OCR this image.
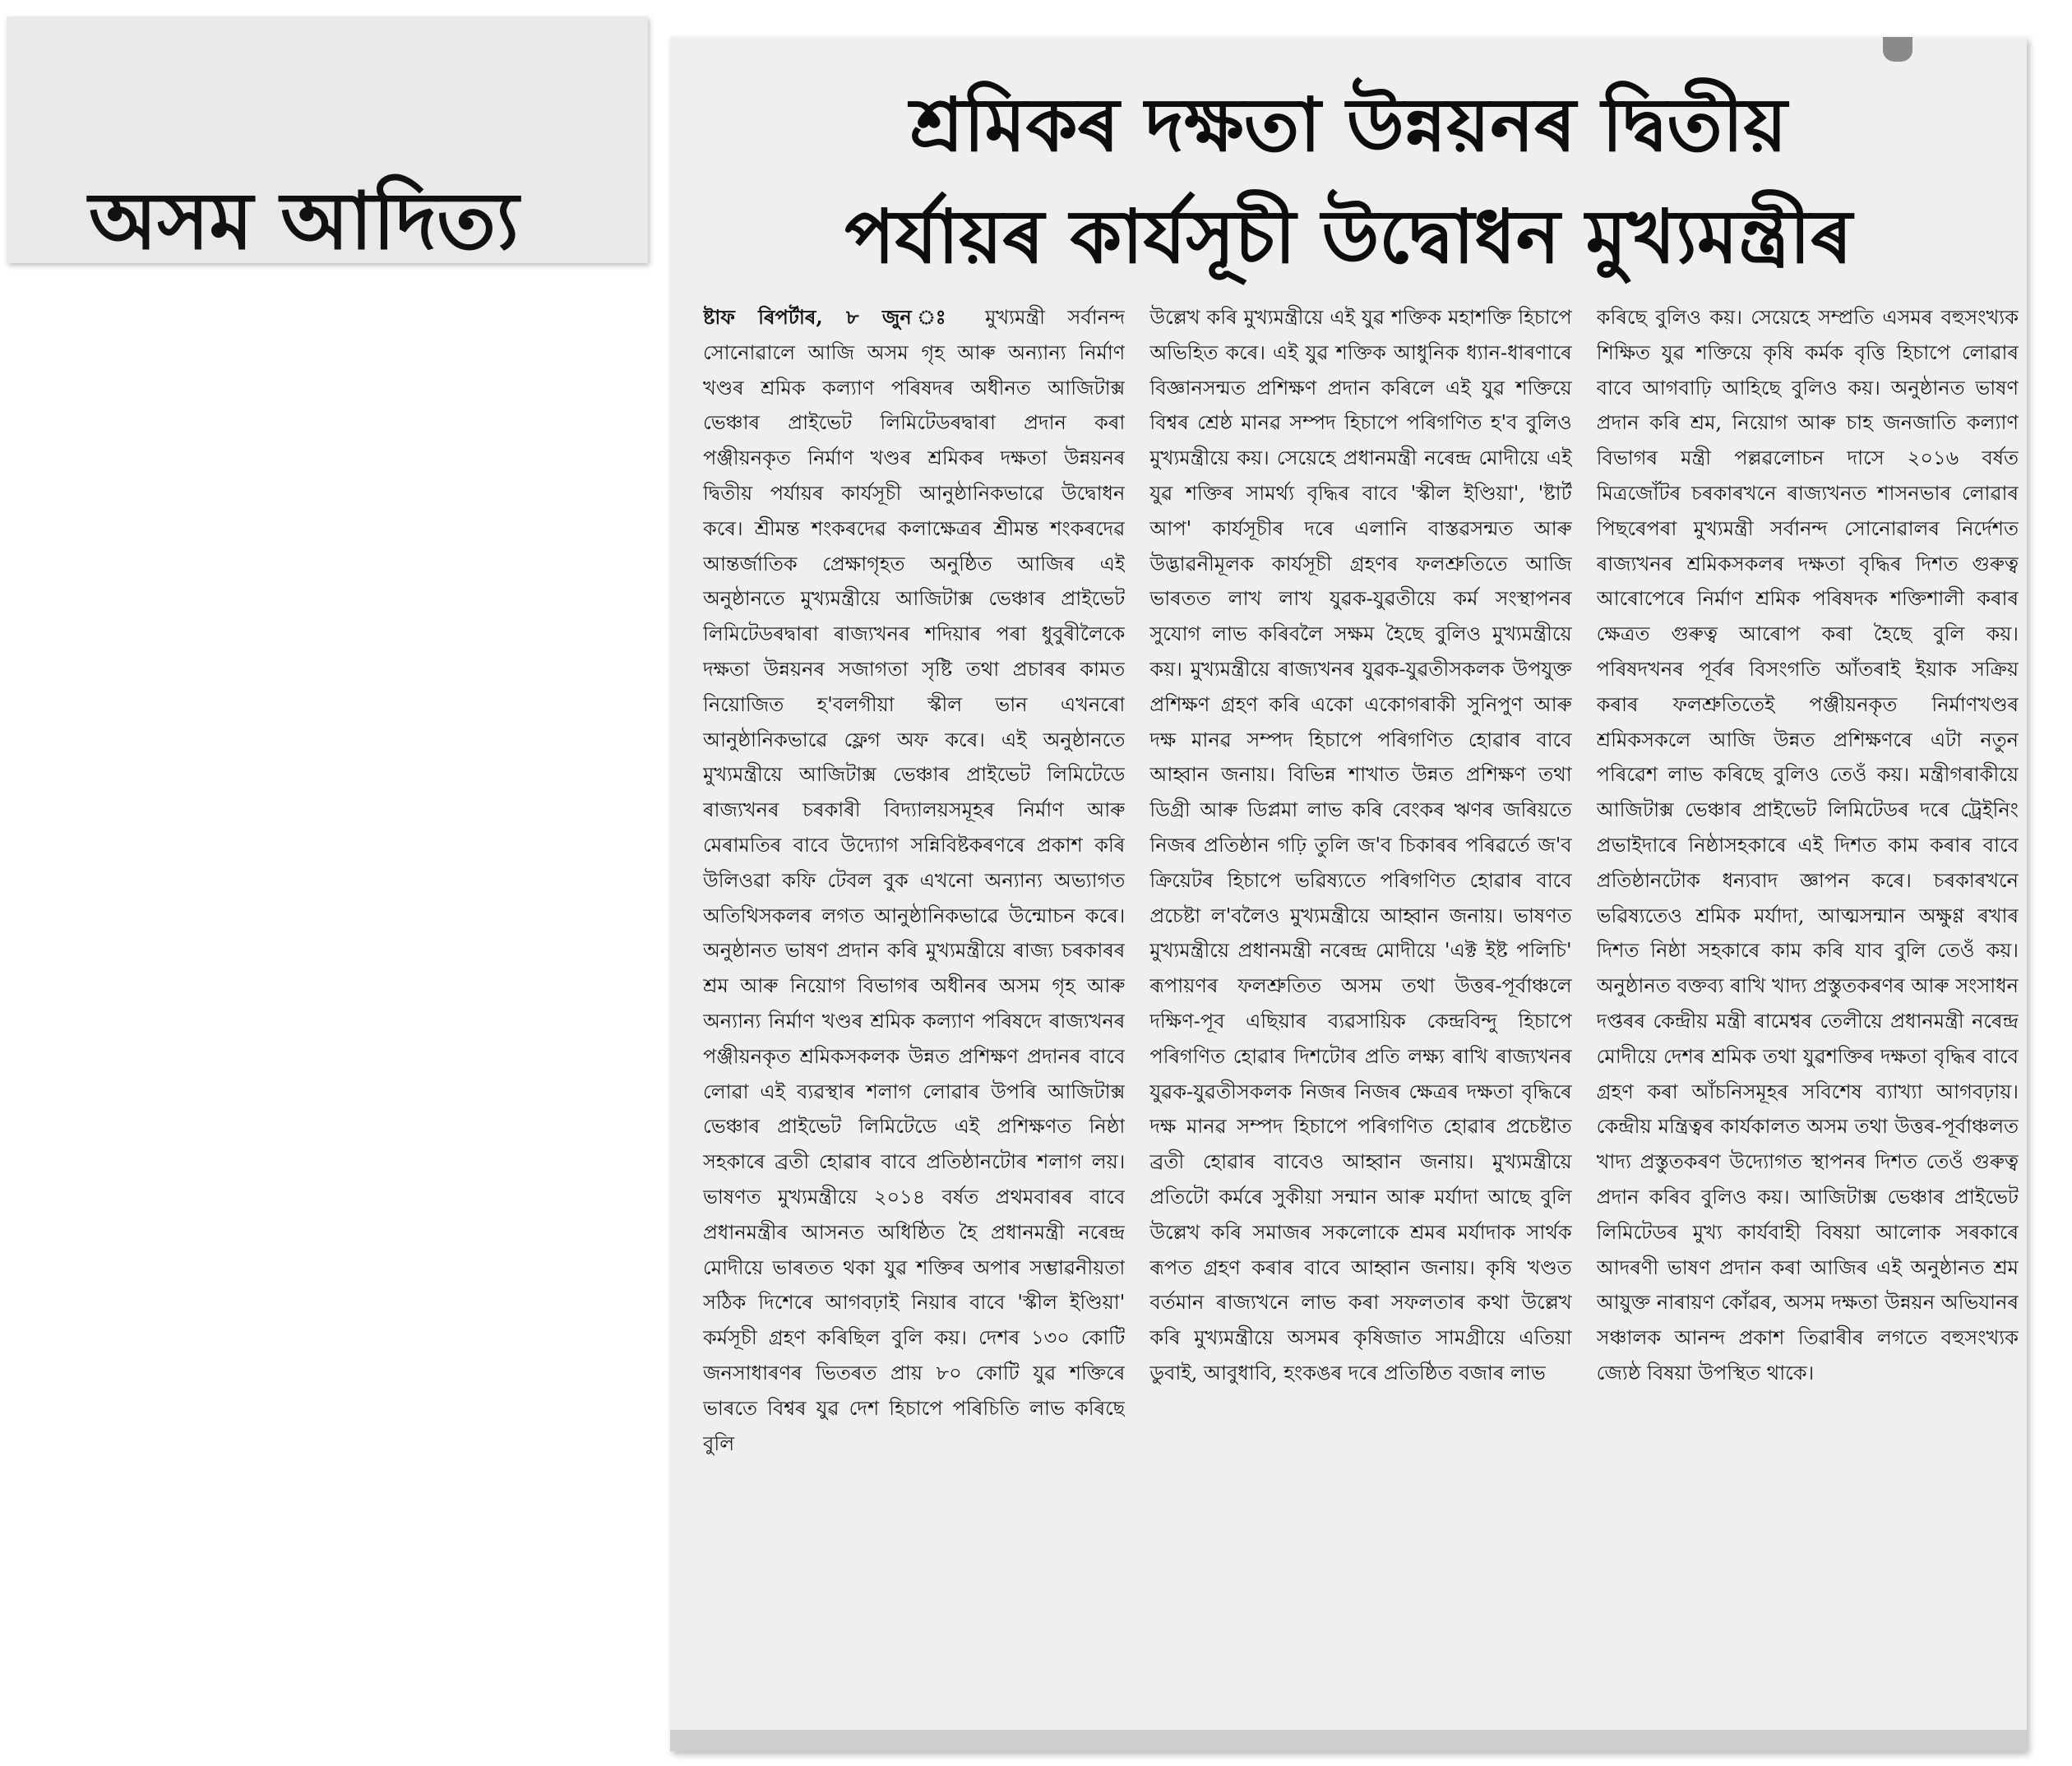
অসম আদিত্য
শ্ৰমিকৰ দক্ষতা উন্নয়নৰ দ্বিতীয়
পৰ্যায়ৰ কাৰ্যসূচী উদ্বোধন মুখ্যমন্ত্ৰীৰ
ষ্টাফ ৰিপৰ্টাৰ, ৮ জুন ঃ মুখ্যমন্ত্ৰী সৰ্বানন্দ সোনোৱালে আজি অসম গৃহ আৰু অন্যান্য নিৰ্মাণ খণ্ডৰ শ্ৰমিক কল্যাণ পৰিষদৰ অধীনত আজিটাক্স ভেঞ্চাৰ প্ৰাইভেট লিমিটেডৰদ্বাৰা প্ৰদান কৰা পঞ্জীয়নকৃত নিৰ্মাণ খণ্ডৰ শ্ৰমিকৰ দক্ষতা উন্নয়নৰ দ্বিতীয় পৰ্যায়ৰ কাৰ্যসূচী আনুষ্ঠানিকভাৱে উদ্বোধন কৰে। শ্ৰীমন্ত শংকৰদেৱ কলাক্ষেত্ৰৰ শ্ৰীমন্ত শংকৰদেৱ আন্তৰ্জাতিক প্ৰেক্ষাগৃহত অনুষ্ঠিত আজিৰ এই অনুষ্ঠানতে মুখ্যমন্ত্ৰীয়ে আজিটাক্স ভেঞ্চাৰ প্ৰাইভেট লিমিটেডৰদ্বাৰা ৰাজ্যখনৰ শদিয়াৰ পৰা ধুবুৰীলৈকে দক্ষতা উন্নয়নৰ সজাগতা সৃষ্টি তথা প্ৰচাৰৰ কামত নিয়োজিত হ'বলগীয়া স্কীল ভান এখনৰো আনুষ্ঠানিকভাৱে ফ্লেগ অফ কৰে। এই অনুষ্ঠানতে মুখ্যমন্ত্ৰীয়ে আজিটাক্স ভেঞ্চাৰ প্ৰাইভেট লিমিটেডে ৰাজ্যখনৰ চৰকাৰী বিদ্যালয়সমূহৰ নিৰ্মাণ আৰু মেৰামতিৰ বাবে উদ্যোগ সন্নিবিষ্টকৰণৰে প্ৰকাশ কৰি উলিওৱা কফি টেবল বুক এখনো অন্যান্য অভ্যাগত অতিথিসকলৰ লগত আনুষ্ঠানিকভাৱে উন্মোচন কৰে। অনুষ্ঠানত ভাষণ প্ৰদান কৰি মুখ্যমন্ত্ৰীয়ে ৰাজ্য চৰকাৰৰ শ্ৰম আৰু নিয়োগ বিভাগৰ অধীনৰ অসম গৃহ আৰু অন্যান্য নিৰ্মাণ খণ্ডৰ শ্ৰমিক কল্যাণ পৰিষদে ৰাজ্যখনৰ পঞ্জীয়নকৃত শ্ৰমিকসকলক উন্নত প্ৰশিক্ষণ প্ৰদানৰ বাবে লোৱা এই ব্যৱস্থাৰ শলাগ লোৱাৰ উপৰি আজিটাক্স ভেঞ্চাৰ প্ৰাইভেট লিমিটেডে এই প্ৰশিক্ষণত নিষ্ঠা সহকাৰে ব্ৰতী হোৱাৰ বাবে প্ৰতিষ্ঠানটোৰ শলাগ লয়। ভাষণত মুখ্যমন্ত্ৰীয়ে ২০১৪ বৰ্ষত প্ৰথমবাৰৰ বাবে প্ৰধানমন্ত্ৰীৰ আসনত অধিষ্ঠিত হৈ প্ৰধানমন্ত্ৰী নৰেন্দ্ৰ মোদীয়ে ভাৰতত থকা যুৱ শক্তিৰ অপাৰ সম্ভাৱনীয়তা সঠিক দিশেৰে আগবঢ়াই নিয়াৰ বাবে 'স্কীল ইণ্ডিয়া' কৰ্মসূচী গ্ৰহণ কৰিছিল বুলি কয়। দেশৰ ১৩০ কোটি জনসাধাৰণৰ ভিতৰত প্ৰায় ৮০ কোটি যুৱ শক্তিৰে ভাৰতে বিশ্বৰ যুৱ দেশ হিচাপে পৰিচিতি লাভ কৰিছে বুলি
উল্লেখ কৰি মুখ্যমন্ত্ৰীয়ে এই যুৱ শক্তিক মহাশক্তি হিচাপে অভিহিত কৰে। এই যুৱ শক্তিক আধুনিক ধ্যান-ধাৰণাৰে বিজ্ঞানসন্মত প্ৰশিক্ষণ প্ৰদান কৰিলে এই যুৱ শক্তিয়ে বিশ্বৰ শ্ৰেষ্ঠ মানৱ সম্পদ হিচাপে পৰিগণিত হ'ব বুলিও মুখ্যমন্ত্ৰীয়ে কয়। সেয়েহে প্ৰধানমন্ত্ৰী নৰেন্দ্ৰ মোদীয়ে এই যুৱ শক্তিৰ সামৰ্থ্য বৃদ্ধিৰ বাবে 'স্কীল ইণ্ডিয়া', 'ষ্টাৰ্ট আপ' কাৰ্যসূচীৰ দৰে এলানি বাস্তৱসন্মত আৰু উদ্ভাৱনীমূলক কাৰ্যসূচী গ্ৰহণৰ ফলশ্ৰুতিতে আজি ভাৰতত লাখ লাখ যুৱক-যুৱতীয়ে কৰ্ম সংস্থাপনৰ সুযোগ লাভ কৰিবলৈ সক্ষম হৈছে বুলিও মুখ্যমন্ত্ৰীয়ে কয়। মুখ্যমন্ত্ৰীয়ে ৰাজ্যখনৰ যুৱক-যুৱতীসকলক উপযুক্ত প্ৰশিক্ষণ গ্ৰহণ কৰি একো একোগৰাকী সুনিপুণ আৰু দক্ষ মানৱ সম্পদ হিচাপে পৰিগণিত হোৱাৰ বাবে আহ্বান জনায়। বিভিন্ন শাখাত উন্নত প্ৰশিক্ষণ তথা ডিগ্ৰী আৰু ডিপ্লমা লাভ কৰি বেংকৰ ঋণৰ জৰিয়তে নিজৰ প্ৰতিষ্ঠান গঢ়ি তুলি জ'ব চিকাৰৰ পৰিৱৰ্তে জ'ব ক্ৰিয়েটৰ হিচাপে ভৱিষ্যতে পৰিগণিত হোৱাৰ বাবে প্ৰচেষ্টা ল'বলৈও মুখ্যমন্ত্ৰীয়ে আহ্বান জনায়। ভাষণত মুখ্যমন্ত্ৰীয়ে প্ৰধানমন্ত্ৰী নৰেন্দ্ৰ মোদীয়ে 'এক্ট ইষ্ট পলিচি' ৰূপায়ণৰ ফলশ্ৰুতিত অসম তথা উত্তৰ-পূৰ্বাঞ্চলে দক্ষিণ-পূব এছিয়াৰ ব্যৱসায়িক কেন্দ্ৰবিন্দু হিচাপে পৰিগণিত হোৱাৰ দিশটোৰ প্ৰতি লক্ষ্য ৰাখি ৰাজ্যখনৰ যুৱক-যুৱতীসকলক নিজৰ নিজৰ ক্ষেত্ৰৰ দক্ষতা বৃদ্ধিৰে দক্ষ মানৱ সম্পদ হিচাপে পৰিগণিত হোৱাৰ প্ৰচেষ্টাত ব্ৰতী হোৱাৰ বাবেও আহ্বান জনায়। মুখ্যমন্ত্ৰীয়ে প্ৰতিটো কৰ্মৰে সুকীয়া সন্মান আৰু মৰ্যাদা আছে বুলি উল্লেখ কৰি সমাজৰ সকলোকে শ্ৰমৰ মৰ্যাদাক সাৰ্থক ৰূপত গ্ৰহণ কৰাৰ বাবে আহ্বান জনায়। কৃষি খণ্ডত বৰ্তমান ৰাজ্যখনে লাভ কৰা সফলতাৰ কথা উল্লেখ কৰি মুখ্যমন্ত্ৰীয়ে অসমৰ কৃষিজাত সামগ্ৰীয়ে এতিয়া ডুবাই, আবুধাবি, হংকঙৰ দৰে প্ৰতিষ্ঠিত বজাৰ লাভ
কৰিছে বুলিও কয়। সেয়েহে সম্প্ৰতি এসমৰ বহুসংখ্যক শিক্ষিত যুৱ শক্তিয়ে কৃষি কৰ্মক বৃত্তি হিচাপে লোৱাৰ বাবে আগবাঢ়ি আহিছে বুলিও কয়। অনুষ্ঠানত ভাষণ প্ৰদান কৰি শ্ৰম, নিয়োগ আৰু চাহ জনজাতি কল্যাণ বিভাগৰ মন্ত্ৰী পল্লৱলোচন দাসে ২০১৬ বৰ্ষত মিত্ৰজোঁটৰ চৰকাৰখনে ৰাজ্যখনত শাসনভাৰ লোৱাৰ পিছৰেপৰা মুখ্যমন্ত্ৰী সৰ্বানন্দ সোনোৱালৰ নিৰ্দেশত ৰাজ্যখনৰ শ্ৰমিকসকলৰ দক্ষতা বৃদ্ধিৰ দিশত গুৰুত্ব আৰোপেৰে নিৰ্মাণ শ্ৰমিক পৰিষদক শক্তিশালী কৰাৰ ক্ষেত্ৰত গুৰুত্ব আৰোপ কৰা হৈছে বুলি কয়। পৰিষদখনৰ পূৰ্বৰ বিসংগতি আঁতৰাই ইয়াক সক্ৰিয় কৰাৰ ফলশ্ৰুতিতেই পঞ্জীয়নকৃত নিৰ্মাণখণ্ডৰ শ্ৰমিকসকলে আজি উন্নত প্ৰশিক্ষণৰে এটা নতুন পৰিৱেশ লাভ কৰিছে বুলিও তেওঁ কয়। মন্ত্ৰীগৰাকীয়ে আজিটাক্স ভেঞ্চাৰ প্ৰাইভেট লিমিটেডৰ দৰে ট্ৰেইনিং প্ৰভাইদাৰে নিষ্ঠাসহকাৰে এই দিশত কাম কৰাৰ বাবে প্ৰতিষ্ঠানটোক ধন্যবাদ জ্ঞাপন কৰে। চৰকাৰখনে ভৱিষ্যতেও শ্ৰমিক মৰ্যাদা, আত্মসন্মান অক্ষুণ্ণ ৰখাৰ দিশত নিষ্ঠা সহকাৰে কাম কৰি যাব বুলি তেওঁ কয়। অনুষ্ঠানত বক্তব্য ৰাখি খাদ্য প্ৰস্তুতকৰণৰ আৰু সংসাধন দপ্তৰৰ কেন্দ্ৰীয় মন্ত্ৰী ৰামেশ্বৰ তেলীয়ে প্ৰধানমন্ত্ৰী নৰেন্দ্ৰ মোদীয়ে দেশৰ শ্ৰমিক তথা যুৱশক্তিৰ দক্ষতা বৃদ্ধিৰ বাবে গ্ৰহণ কৰা আঁচনিসমূহৰ সবিশেষ ব্যাখ্যা আগবঢ়ায়। কেন্দ্ৰীয় মন্ত্ৰিত্বৰ কাৰ্যকালত অসম তথা উত্তৰ-পূৰ্বাঞ্চলত খাদ্য প্ৰস্তুতকৰণ উদ্যোগত স্থাপনৰ দিশত তেওঁ গুৰুত্ব প্ৰদান কৰিব বুলিও কয়। আজিটাক্স ভেঞ্চাৰ প্ৰাইভেট লিমিটেডৰ মুখ্য কাৰ্যবাহী বিষয়া আলোক সৰকাৰে আদৰণী ভাষণ প্ৰদান কৰা আজিৰ এই অনুষ্ঠানত শ্ৰম আয়ুক্ত নাৰায়ণ কোঁৱৰ, অসম দক্ষতা উন্নয়ন অভিযানৰ সঞ্চালক আনন্দ প্ৰকাশ তিৱাৰীৰ লগতে বহুসংখ্যক জ্যেষ্ঠ বিষয়া উপস্থিত থাকে।
